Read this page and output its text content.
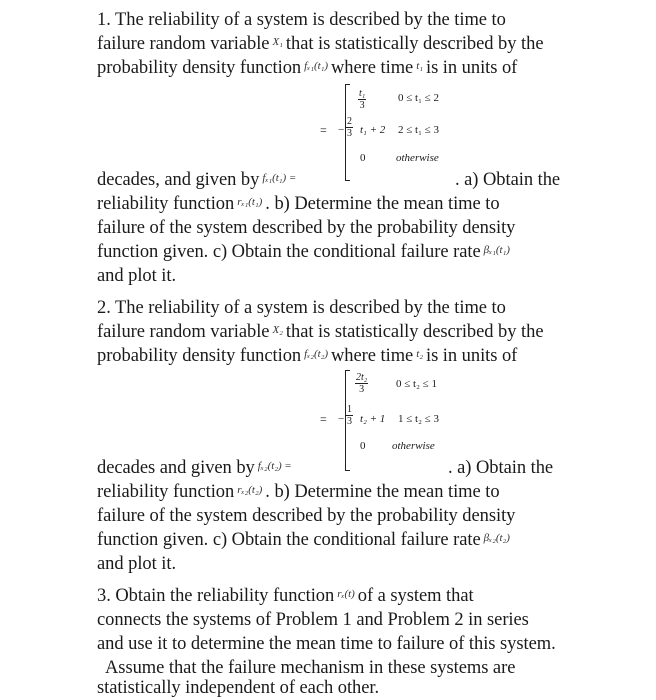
1. The reliability of a system is described by the time to
failure random variable $^{X_1}$ that is statistically described by the
probability density function $^{f_{x1}(t_1)}$ where time $^{t_1}$ is in units of
=
$\frac{\text{t₁}}{3}$	0 ≤ t₁ ≤ 2
− $\frac{2}{3} t_1 + 2$ 2 ≤ t₁ ≤ 3
0	otherwise
decades, and given by $^{f_{x1}(t_1) =}$	. a) Obtain the
reliability function $^{r_{x1}(t_1)}$ . b) Determine the mean time to
failure of the system described by the probability density
function given. c) Obtain the conditional failure rate $^{\beta_{x1}(t_1)}$
and plot it.
2. The reliability of a system is described by the time to
failure random variable $^{X_2}$ that is statistically described by the
probability density function $^{f_{x2}(t_2)}$ where time $^{t_2}$ is in units of
=
$\frac{\text{2t₂}}{3}$	0 ≤ t₂ ≤ 1
− $\frac{1}{3} t_2 + 1$ 1 ≤ t₂ ≤ 3
0 otherwise
decades and given by $^{f_{x2}(t_2) =}$	. a) Obtain the
reliability function $^{r_{x2}(t_2)}$ . b) Determine the mean time to
failure of the system described by the probability density
function given. c) Obtain the conditional failure rate $^{\beta_{x2}(t_2)}$
and plot it.
3. Obtain the reliability function $^{r_x(t)}$ of a system that
connects the systems of Problem 1 and Problem 2 in series
and use it to determine the mean time to failure of this system.
Assume that the failure mechanism in these systems are
statistically independent of each other.
